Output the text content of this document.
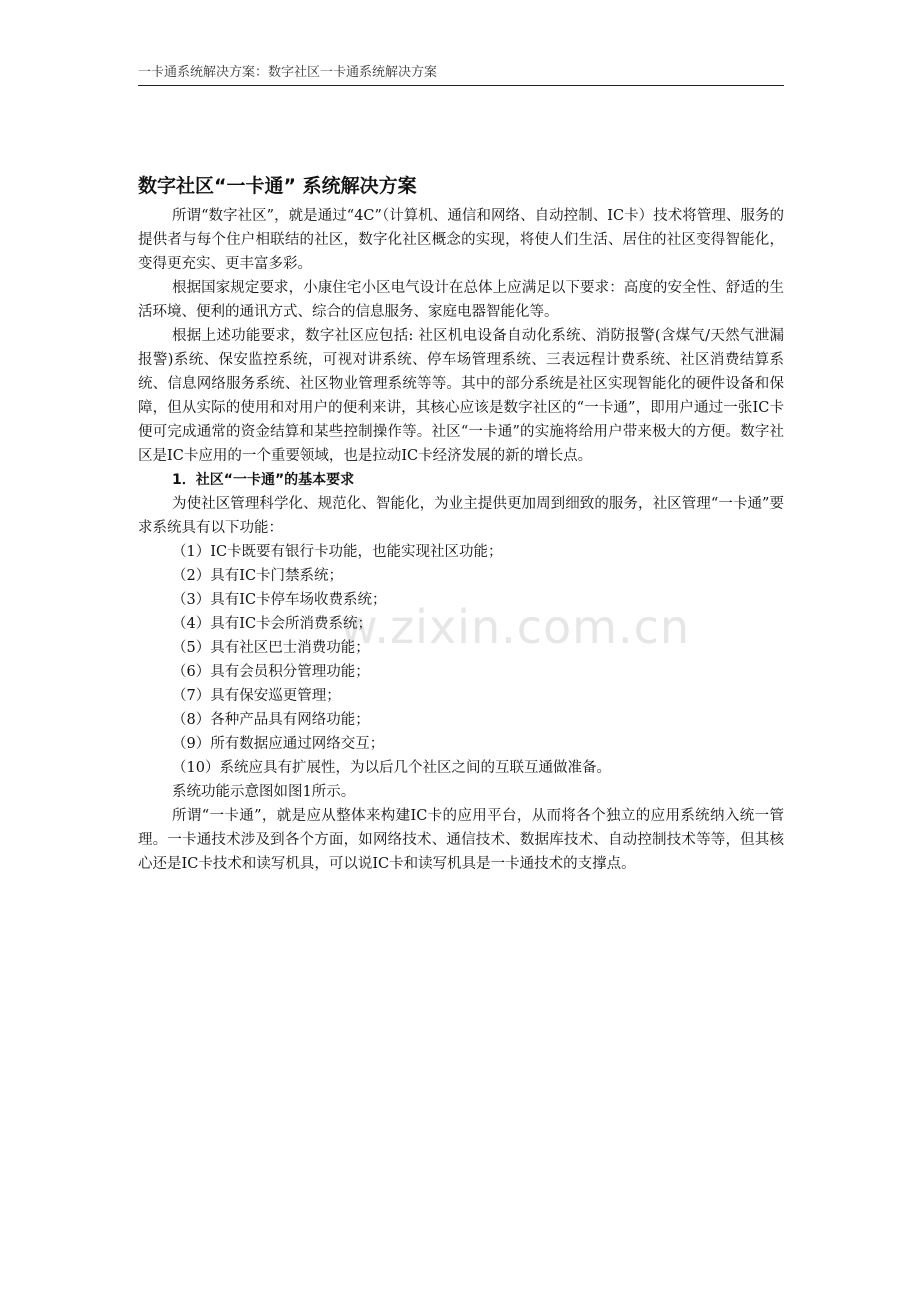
一卡通系统解决方案：数字社区一卡通系统解决方案
w.zixin.com.cn
数字社区“一卡通” 系统解决方案

所谓“数字社区”，就是通过“4C”（计算机、通信和网络、自动控制、IC卡）技术将管理、服务的提供者与每个住户相联结的社区，数字化社区概念的实现，将使人们生活、居住的社区变得智能化，变得更充实、更丰富多彩。

根据国家规定要求，小康住宅小区电气设计在总体上应满足以下要求：高度的安全性、舒适的生活环境、便利的通讯方式、综合的信息服务、家庭电器智能化等。

根据上述功能要求，数字社区应包括: 社区机电设备自动化系统、消防报警(含煤气/天然气泄漏报警)系统、保安监控系统，可视对讲系统、停车场管理系统、三表远程计费系统、社区消费结算系统、信息网络服务系统、社区物业管理系统等等。其中的部分系统是社区实现智能化的硬件设备和保障，但从实际的使用和对用户的便利来讲，其核心应该是数字社区的“一卡通”，即用户通过一张IC卡便可完成通常的资金结算和某些控制操作等。社区“一卡通”的实施将给用户带来极大的方便。数字社区是IC卡应用的一个重要领域，也是拉动IC卡经济发展的新的增长点。

1．社区“一卡通”的基本要求

为使社区管理科学化、规范化、智能化，为业主提供更加周到细致的服务，社区管理“一卡通”要求系统具有以下功能：

（1）IC卡既要有银行卡功能，也能实现社区功能；

（2）具有IC卡门禁系统；

（3）具有IC卡停车场收费系统；

（4）具有IC卡会所消费系统；

（5）具有社区巴士消费功能；

（6）具有会员积分管理功能；

（7）具有保安巡更管理；

（8）各种产品具有网络功能；

（9）所有数据应通过网络交互；

（10）系统应具有扩展性，为以后几个社区之间的互联互通做准备。

系统功能示意图如图1所示。

所谓“一卡通”，就是应从整体来构建IC卡的应用平台，从而将各个独立的应用系统纳入统一管理。一卡通技术涉及到各个方面，如网络技术、通信技术、数据库技术、自动控制技术等等，但其核心还是IC卡技术和读写机具，可以说IC卡和读写机具是一卡通技术的支撑点。
